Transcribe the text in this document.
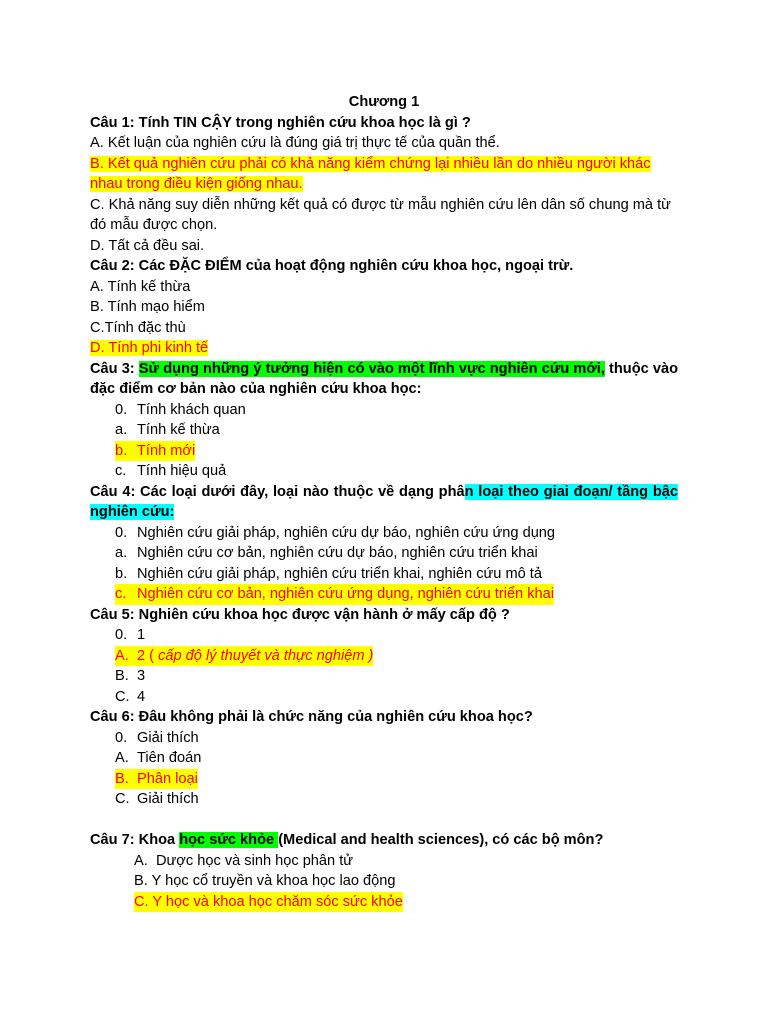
Chương 1
Câu 1: Tính TIN CẬY trong nghiên cứu khoa học là gì ?
A. Kết luận của nghiên cứu là đúng giá trị thực tế của quần thể.
B. Kết quả nghiên cứu phải có khả năng kiểm chứng lại nhiều lần do nhiều người khác
nhau trong điều kiện giống nhau.
C. Khả năng suy diễn những kết quả có được từ mẫu nghiên cứu lên dân số chung mà từ
đó mẫu được chọn.
D. Tất cả đều sai.
Câu 2: Các ĐẶC ĐIỂM của hoạt động nghiên cứu khoa học, ngoại trừ.
A. Tính kế thừa
B. Tính mạo hiểm
C.Tính đặc thù
D. Tính phi kinh tế
Câu 3: Sử dụng những ý tưởng hiện có vào một lĩnh vực nghiên cứu mới, thuộc vào
đặc điểm cơ bản nào của nghiên cứu khoa học:
0. Tính khách quan
a. Tính kế thừa
b. Tính mới
c. Tính hiệu quả
Câu 4: Các loại dưới đây, loại nào thuộc về dạng phân loại theo giai đoạn/ tầng bậc
nghiên cứu:
0. Nghiên cứu giải pháp, nghiên cứu dự báo, nghiên cứu ứng dụng
a. Nghiên cứu cơ bản, nghiên cứu dự báo, nghiên cứu triển khai
b. Nghiên cứu giải pháp, nghiên cứu triển khai, nghiên cứu mô tả
c. Nghiên cứu cơ bản, nghiên cứu ứng dụng, nghiên cứu triển khai
Câu 5: Nghiên cứu khoa học được vận hành ở mấy cấp độ ?
0. 1
A. 2 ( cấp độ lý thuyết và thực nghiệm )
B. 3
C. 4
Câu 6: Đâu không phải là chức năng của nghiên cứu khoa học?
0. Giải thích
A. Tiên đoán
B. Phân loại
C. Giải thích
Câu 7: Khoa học sức khỏe (Medical and health sciences), có các bộ môn?
A. Dược học và sinh học phân tử
B. Y học cổ truyền và khoa học lao động
C. Y học và khoa học chăm sóc sức khỏe
